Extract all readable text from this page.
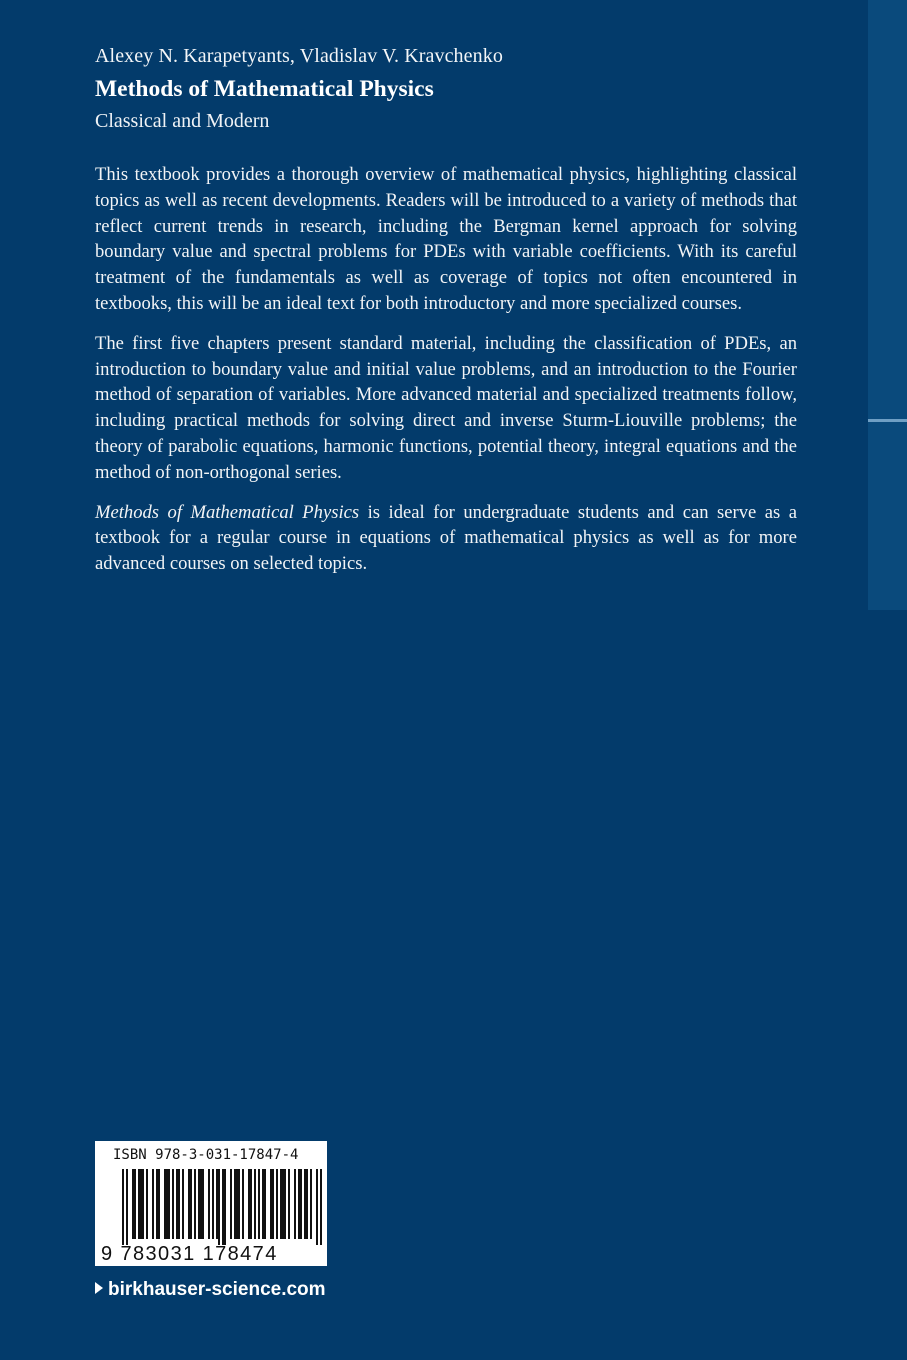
Alexey N. Karapetyants, Vladislav V. Kravchenko
Methods of Mathematical Physics
Classical and Modern

This textbook provides a thorough overview of mathematical physics, highlighting classical topics as well as recent developments. Readers will be introduced to a variety of methods that reflect current trends in research, including the Bergman kernel approach for solving boundary value and spectral problems for PDEs with variable coefficients. With its careful treatment of the fundamentals as well as coverage of topics not often encountered in textbooks, this will be an ideal text for both introductory and more specialized courses.

The first five chapters present standard material, including the classification of PDEs, an introduction to boundary value and initial value problems, and an introduction to the Fourier method of separation of variables. More advanced material and specialized treatments follow, including practical methods for solving direct and inverse Sturm-Liouville problems; the theory of parabolic equations, harmonic functions, potential theory, integral equations and the method of non-orthogonal series.

Methods of Mathematical Physics is ideal for undergraduate students and can serve as a textbook for a regular course in equations of mathematical physics as well as for more advanced courses on selected topics.

ISBN 978-3-031-17847-4
9 783031 178474
birkhauser-science.com
